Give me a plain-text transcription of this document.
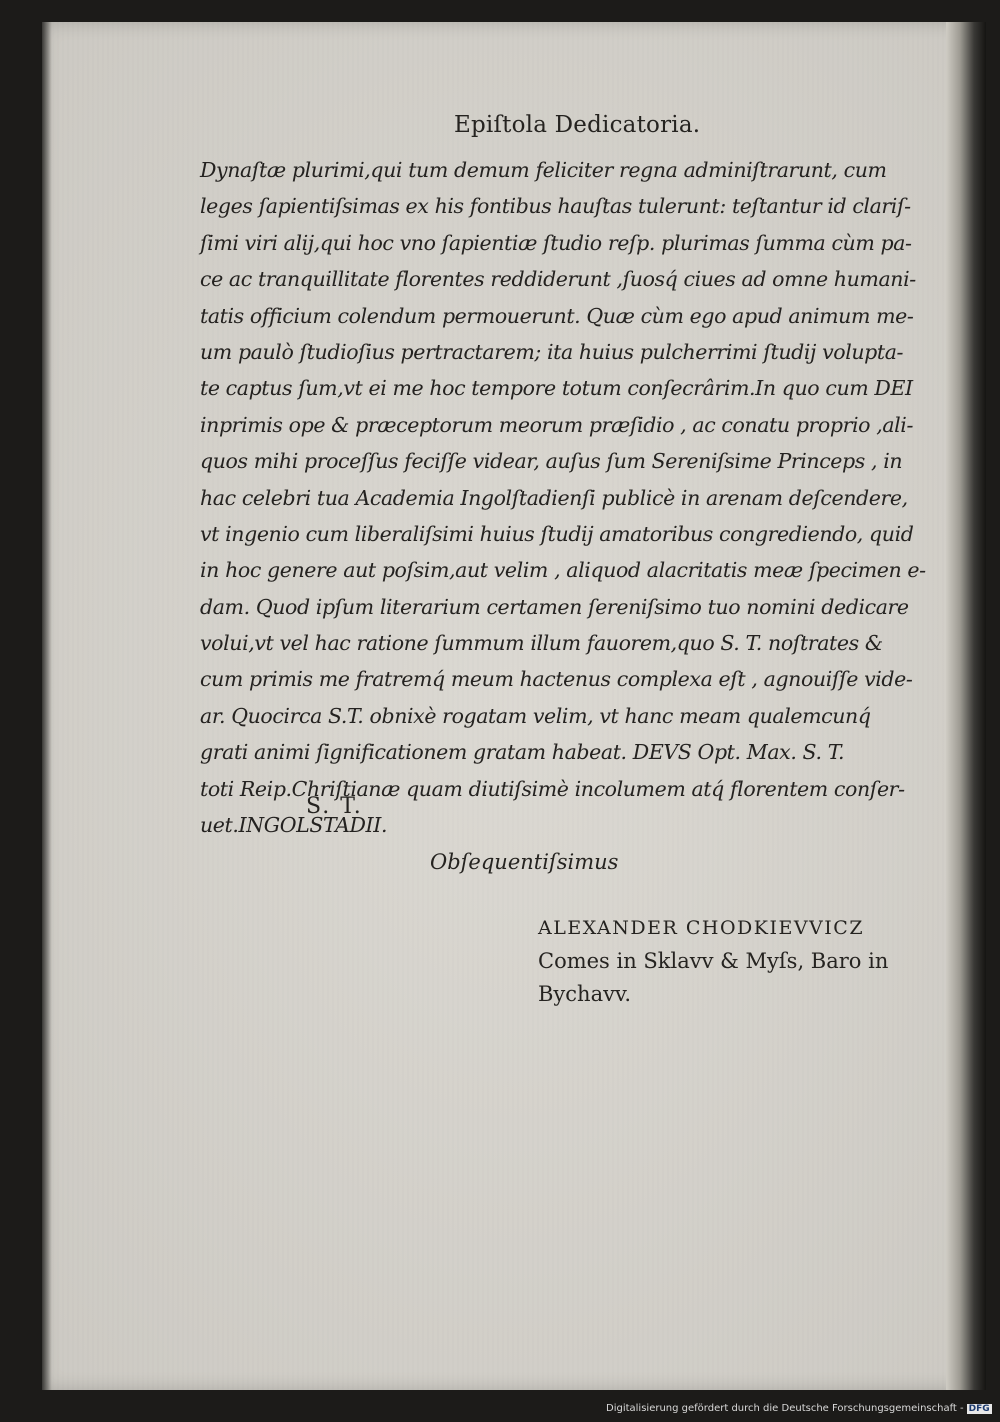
Epiſtola Dedicatoria.
Dynaſtæ plurimi,qui tum demum feliciter regna adminiſtrarunt, cum
leges ſapientiſsimas ex his fontibus hauſtas tulerunt: teſtantur id clariſ-
ſimi viri alij,qui hoc vno ſapientiæ ſtudio reſp. plurimas ſumma cùm pa-
ce ac tranquillitate florentes reddiderunt ,ſuosq́ ciues ad omne humani-
tatis officium colendum permouerunt. Quæ cùm ego apud animum me-
um paulò ſtudioſius pertractarem; ita huius pulcherrimi ſtudij volupta-
te captus ſum,vt ei me hoc tempore totum conſecrârim.In quo cum DEI
inprimis ope & præceptorum meorum præſidio , ac conatu proprio ,ali-
quos mihi proceſſus feciſſe videar, auſus ſum Sereniſsime Princeps , in
hac celebri tua Academia Ingolſtadienſi publicè in arenam deſcendere,
vt ingenio cum liberaliſsimi huius ſtudij amatoribus congrediendo, quid
in hoc genere aut poſsim,aut velim , aliquod alacritatis meæ ſpecimen e-
dam. Quod ipſum literarium certamen ſereniſsimo tuo nomini dedicare
volui,vt vel hac ratione ſummum illum fauorem,quo S. T. noſtrates &
cum primis me fratremq́ meum hactenus complexa eſt , agnouiſſe vide-
ar. Quocirca S.T. obnixè rogatam velim, vt hanc meam qualemcunq́
grati animi ſignificationem gratam habeat. DEVS Opt. Max. S. T.
toti Reip.Chriſtianæ quam diutiſsimè incolumem atq́ florentem conſer-
uet.INGOLSTADII.
S. T.
Obſequentiſsimus
ALEXANDER CHODKIEVVICZ
Comes in Sklavv & Myſs, Baro in
Bychavv.
Digitalisierung gefördert durch die Deutsche Forschungsgemeinschaft - DFG
